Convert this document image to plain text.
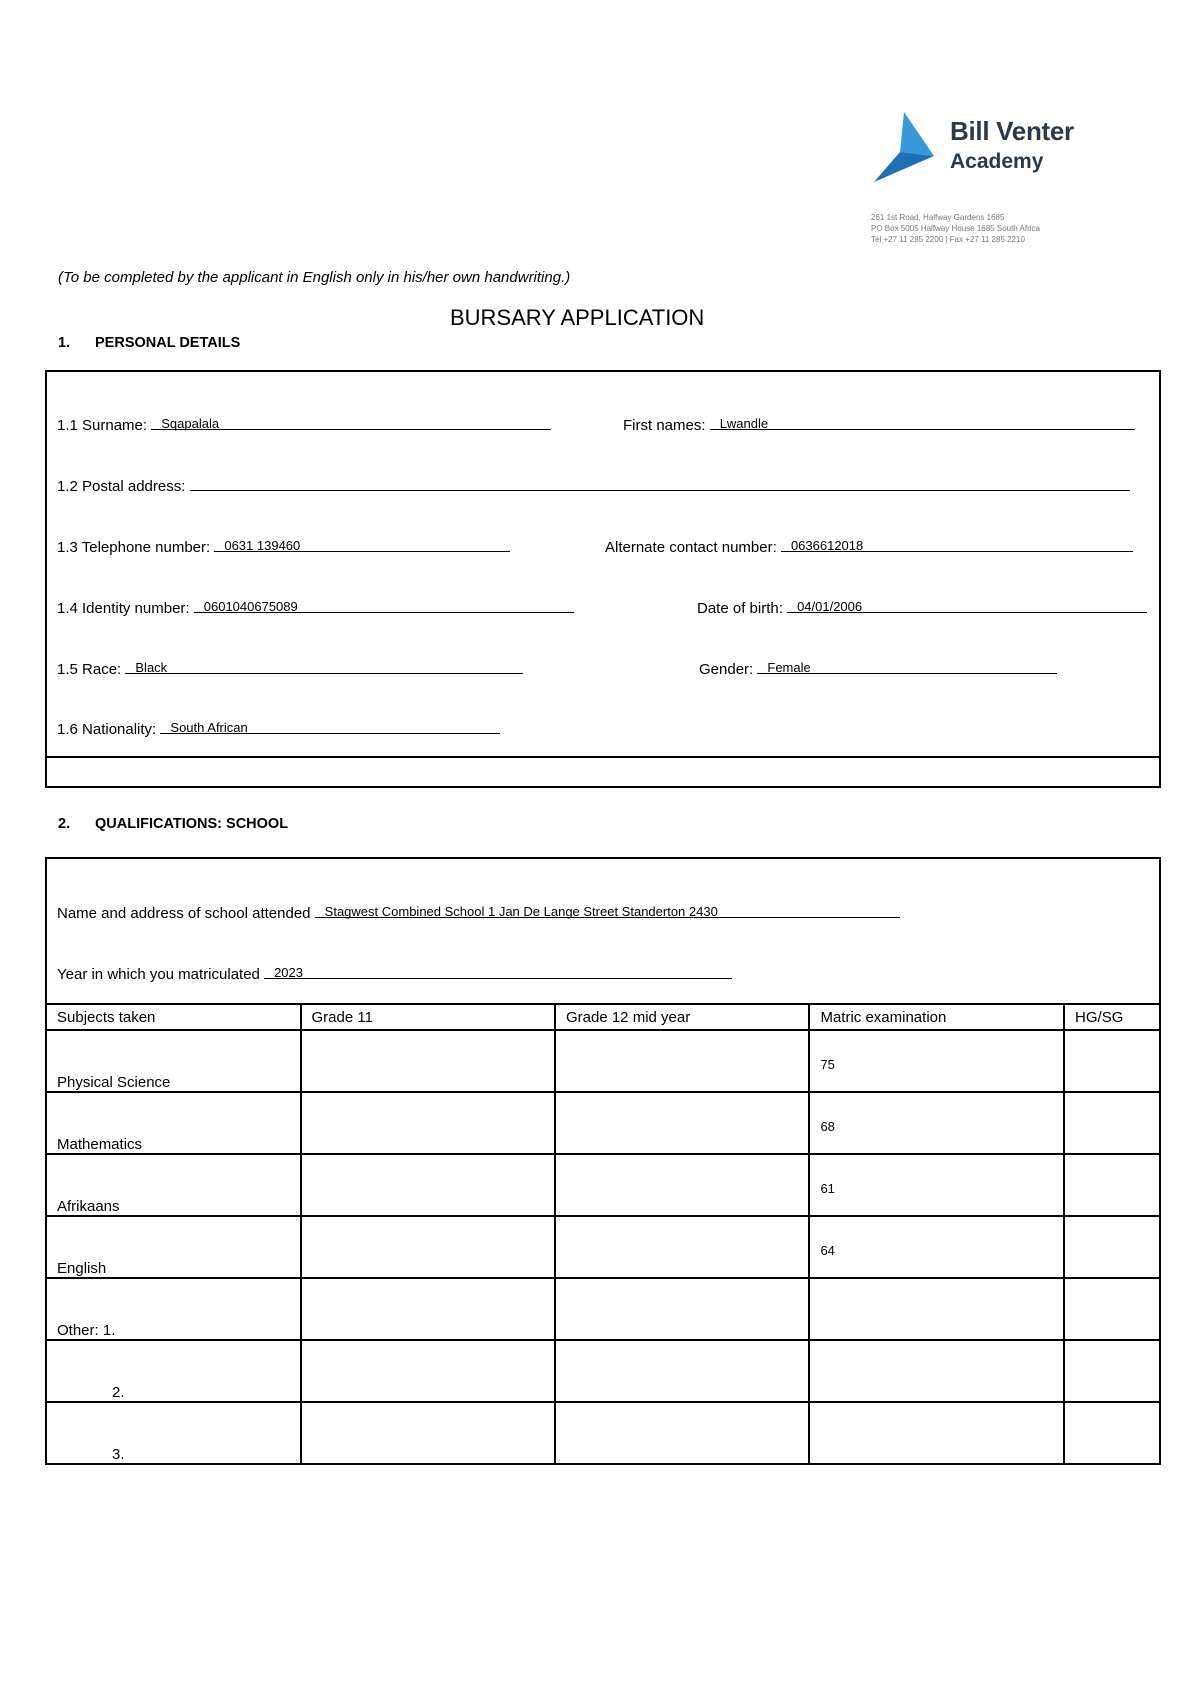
Bill Venter
Academy
261 1st Road, Halfway Gardens 1685
PO Box 5005 Halfway House 1685 South Africa
Tel +27 11 285 2200 | Fax +27 11 285 2210
(To be completed by the applicant in English only in his/her own handwriting.)
BURSARY APPLICATION
1. PERSONAL DETAILS
1.1 Surname: Sqapalala	First names: Lwandle
1.2 Postal address:
1.3 Telephone number: 0631 139460	Alternate contact number: 0636612018
1.4 Identity number: 0601040675089	Date of birth: 04/01/2006
1.5 Race: Black	Gender: Female
1.6 Nationality: South African
2. QUALIFICATIONS: SCHOOL
Name and address of school attended Stagwest Combined School 1 Jan De Lange Street Standerton 2430
Year in which you matriculated 2023
Subjects taken	Grade 11	Grade 12 mid year	Matric examination	HG/SG

Physical Science			75	

Mathematics			68	

Afrikaans			61	

English			64	

Other: 1.				

2.				

3.				
